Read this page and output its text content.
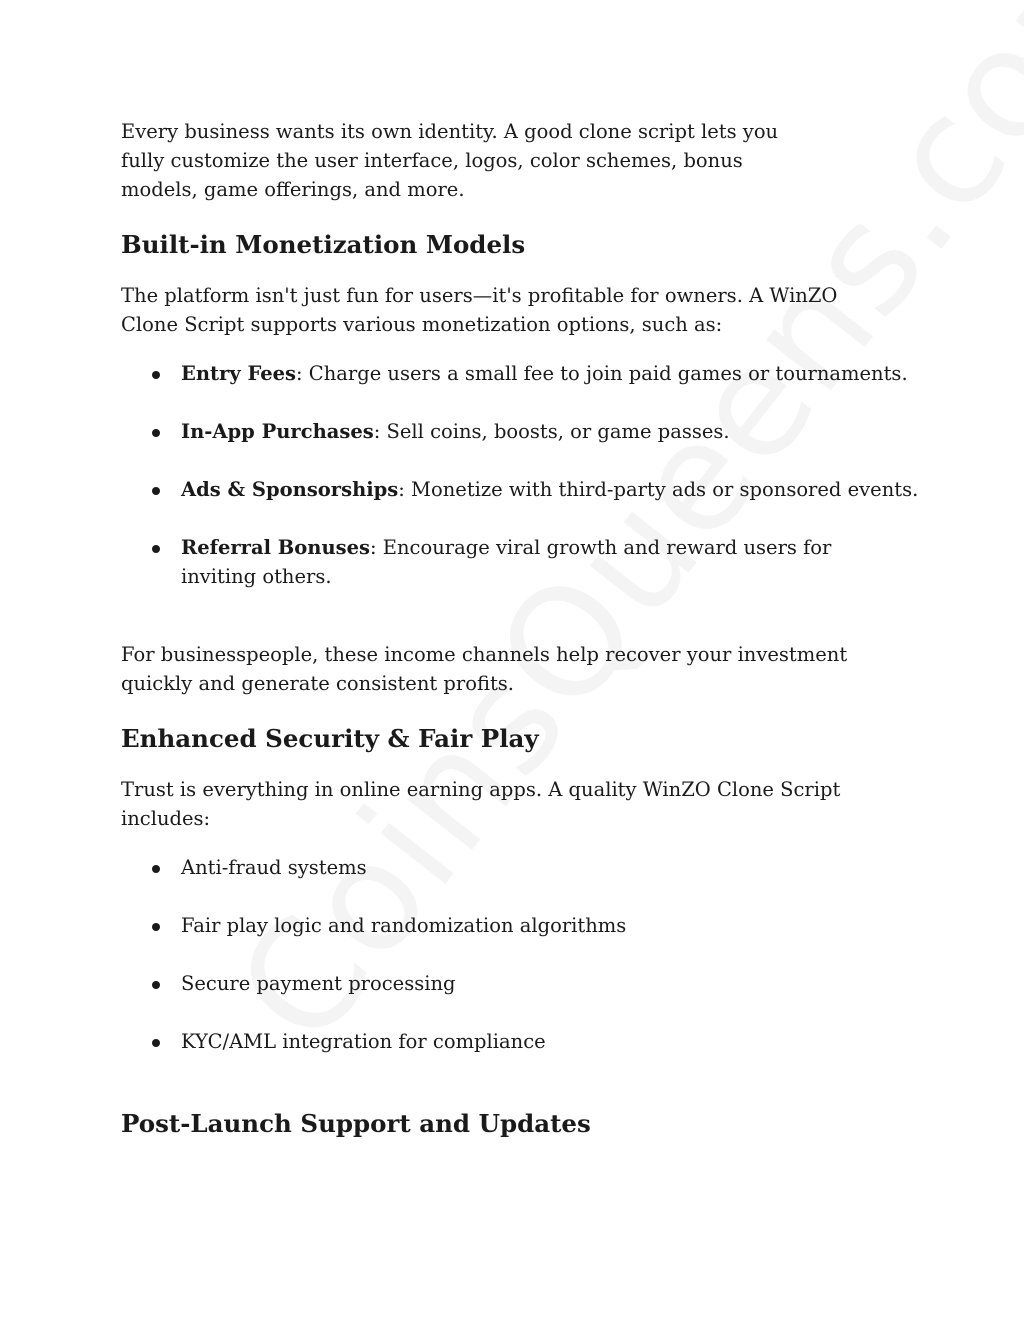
Every business wants its own identity. A good clone script lets you fully customize the user interface, logos, color schemes, bonus models, game offerings, and more.

Built-in Monetization Models

The platform isn't just fun for users—it's profitable for owners. A WinZO Clone Script supports various monetization options, such as:

Entry Fees: Charge users a small fee to join paid games or tournaments.
In-App Purchases: Sell coins, boosts, or game passes.
Ads & Sponsorships: Monetize with third-party ads or sponsored events.
Referral Bonuses: Encourage viral growth and reward users for inviting others.

For businesspeople, these income channels help recover your investment quickly and generate consistent profits.

Enhanced Security & Fair Play

Trust is everything in online earning apps. A quality WinZO Clone Script includes:

Anti-fraud systems
Fair play logic and randomization algorithms
Secure payment processing
KYC/AML integration for compliance
Post-Launch Support and Updates
